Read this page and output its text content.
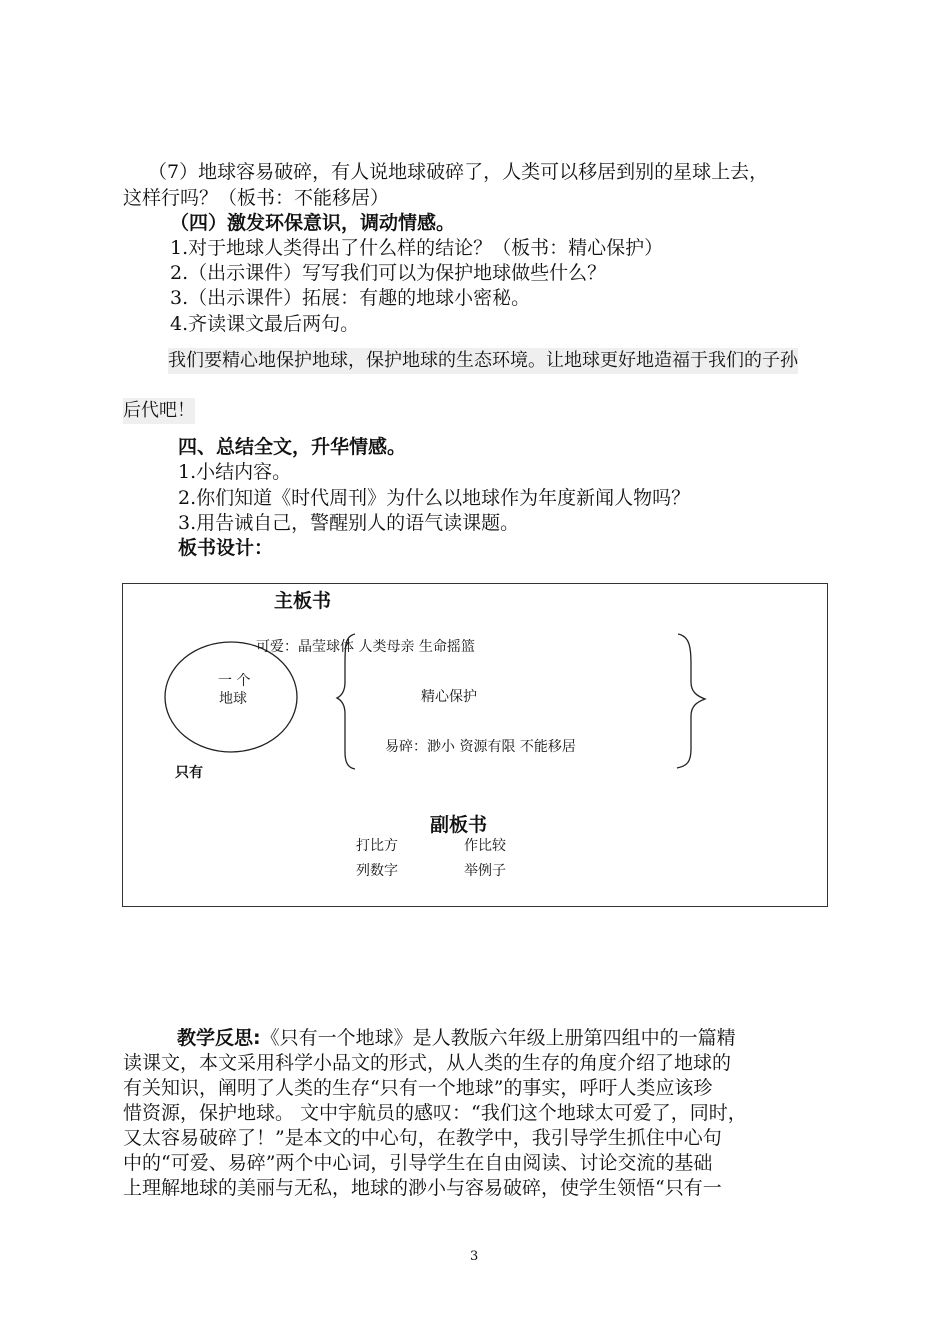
（7）地球容易破碎，有人说地球破碎了，人类可以移居到别的星球上去，
这样行吗？（板书：不能移居）
（四）激发环保意识，调动情感。
1.对于地球人类得出了什么样的结论？（板书：精心保护）
2.（出示课件）写写我们可以为保护地球做些什么？
3.（出示课件）拓展：有趣的地球小密秘。
4.齐读课文最后两句。
我们要精心地保护地球，保护地球的生态环境。让地球更好地造福于我们的子孙
后代吧！
四、总结全文，升华情感。
1.小结内容。
2.你们知道《时代周刊》为什么以地球作为年度新闻人物吗？
3.用告诫自己，警醒别人的语气读课题。
板书设计：
主板书
一 个
地球
只有
可爱：晶莹球体 人类母亲 生命摇篮
精心保护
易碎：渺小 资源有限 不能移居
副板书
打比方	作比较
列数字	举例子
教学反思:《只有一个地球》是人教版六年级上册第四组中的一篇精
读课文，本文采用科学小品文的形式，从人类的生存的角度介绍了地球的
有关知识，阐明了人类的生存“只有一个地球”的事实，呼吁人类应该珍
惜资源，保护地球。 文中宇航员的感叹：“我们这个地球太可爱了，同时，
又太容易破碎了！”是本文的中心句，在教学中，我引导学生抓住中心句
中的“可爱、易碎”两个中心词，引导学生在自由阅读、讨论交流的基础
上理解地球的美丽与无私，地球的渺小与容易破碎，使学生领悟“只有一
3
